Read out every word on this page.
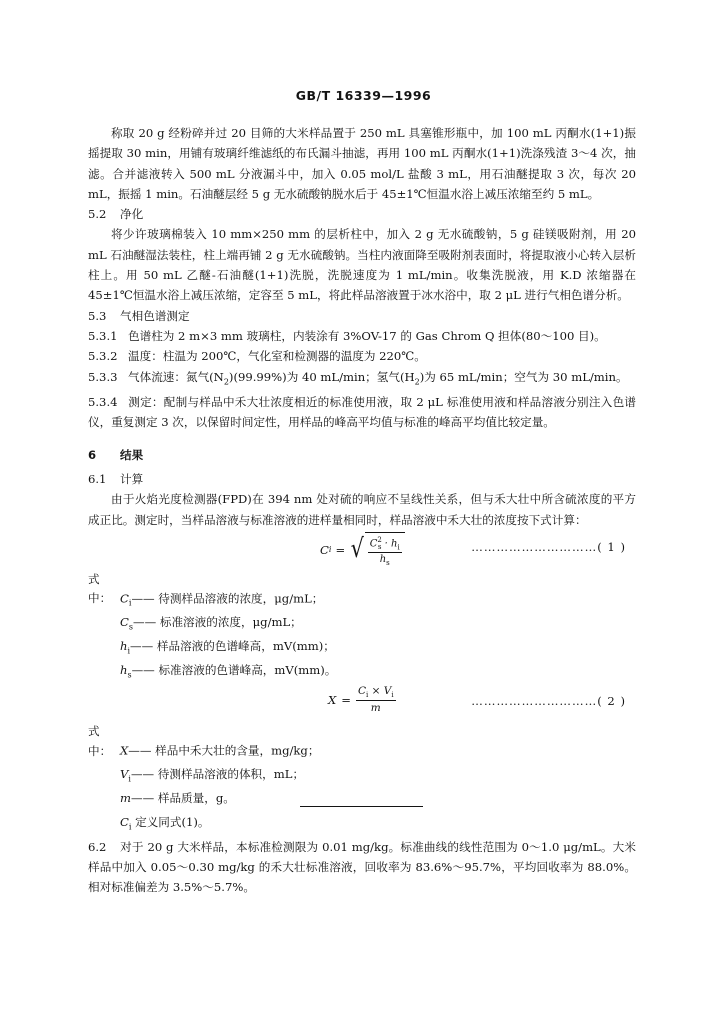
GB/T 16339—1996

称取 20 g 经粉碎并过 20 目筛的大米样品置于 250 mL 具塞锥形瓶中，加 100 mL 丙酮水(1+1)振摇提取 30 min，用铺有玻璃纤维滤纸的布氏漏斗抽滤，再用 100 mL 丙酮水(1+1)洗涤残渣 3～4 次，抽滤。合并滤液转入 500 mL 分液漏斗中，加入 0.05 mol/L 盐酸 3 mL，用石油醚提取 3 次，每次 20 mL，振摇 1 min。石油醚层经 5 g 无水硫酸钠脱水后于 45±1℃恒温水浴上减压浓缩至约 5 mL。

5.2	净化

将少许玻璃棉装入 10 mm×250 mm 的层析柱中，加入 2 g 无水硫酸钠，5 g 硅镁吸附剂，用 20 mL 石油醚湿法装柱，柱上端再铺 2 g 无水硫酸钠。当柱内液面降至吸附剂表面时，将提取液小心转入层析柱上。用 50 mL 乙醚-石油醚(1+1)洗脱，洗脱速度为 1 mL/min。收集洗脱液，用 K.D 浓缩器在 45±1℃恒温水浴上减压浓缩，定容至 5 mL，将此样品溶液置于冰水浴中，取 2 μL 进行气相色谱分析。

5.3	气相色谱测定
5.3.1 色谱柱为 2 m×3 mm 玻璃柱，内装涂有 3%OV-17 的 Gas Chrom Q 担体(80～100 目)。
5.3.2 温度：柱温为 200℃，气化室和检测器的温度为 220℃。
5.3.3 气体流速：氮气$(N_2)(99.99\%)$为 40 mL/min；氢气$(H_2)$为 65 mL/min；空气为 30 mL/min。

5.3.4 测定：配制与样品中禾大壮浓度相近的标准使用液，取 2 μL 标准使用液和样品溶液分别注入色谱仪，重复测定 3 次，以保留时间定性，用样品的峰高平均值与标准的峰高平均值比较定量。

6	结果
6.1	计算

由于火焰光度检测器(FPD)在 394 nm 处对硫的响应不呈线性关系，但与禾大壮中所含硫浓度的平方成正比。测定时，当样品溶液与标准溶液的进样量相同时，样品溶液中禾大壮的浓度按下式计算：

C i = √ $\frac{C^2_s \cdot h_i}{h_s}$	…………………………( 1 )
式中： $C_i——$ 待测样品溶液的浓度，μg/mL；
$C_s——$ 标准溶液的浓度，μg/mL；
$h_i——$ 样品溶液的色谱峰高，mV(mm)；
$h_s——$ 标准溶液的色谱峰高，mV(mm)。
$X = \frac{C_i \times V_i}{m}$	…………………………( 2 )
式中： X—— 样品中禾大壮的含量，mg/kg；
$V_i——$ 待测样品溶液的体积，mL；
m—— 样品质量，g。
$C_i$ 定义同式(1)。

6.2 对于 20 g 大米样品，本标准检测限为 0.01 mg/kg。标准曲线的线性范围为 0～1.0 μg/mL。大米样品中加入 0.05～0.30 mg/kg 的禾大壮标准溶液，回收率为 83.6%～95.7%，平均回收率为 88.0%。相对标准偏差为 3.5%～5.7%。
